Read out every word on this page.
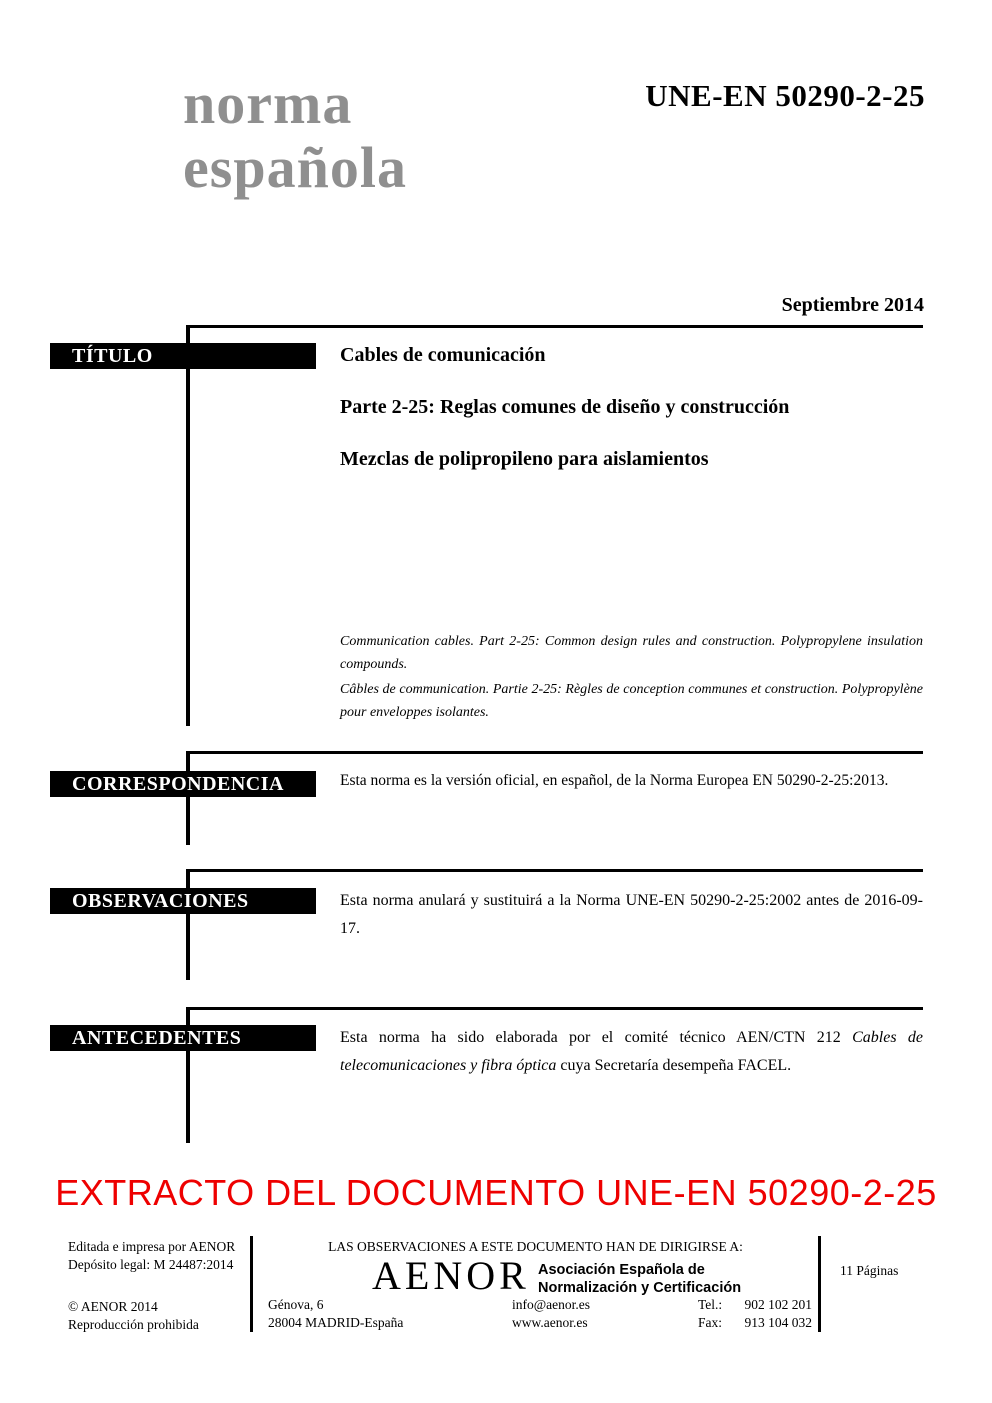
norma
española
UNE-EN 50290-2-25
Septiembre 2014
TÍTULO	Cables de comunicación
Parte 2-25: Reglas comunes de diseño y construcción
Mezclas de polipropileno para aislamientos
Communication cables. Part 2-25: Common design rules and construction. Polypropylene insulation compounds.
Câbles de communication. Partie 2-25: Règles de conception communes et construction. Polypropylène pour enveloppes isolantes.
CORRESPONDENCIA	Esta norma es la versión oficial, en español, de la Norma Europea EN 50290-2-25:2013.
OBSERVACIONES	Esta norma anulará y sustituirá a la Norma UNE-EN 50290-2-25:2002 antes de 2016-09-17.
ANTECEDENTES	Esta norma ha sido elaborada por el comité técnico AEN/CTN 212 Cables de telecomunicaciones y fibra óptica cuya Secretaría desempeña FACEL.
EXTRACTO DEL DOCUMENTO UNE-EN 50290-2-25
Editada e impresa por AENOR
Depósito legal: M 24487:2014
© AENOR 2014
Reproducción prohibida
LAS OBSERVACIONES A ESTE DOCUMENTO HAN DE DIRIGIRSE A:
AENOR Asociación Española de
Normalización y Certificación
Génova, 6
28004 MADRID-España
info@aenor.es
www.aenor.es
Tel.: 902 102 201
Fax: 913 104 032
11 Páginas
